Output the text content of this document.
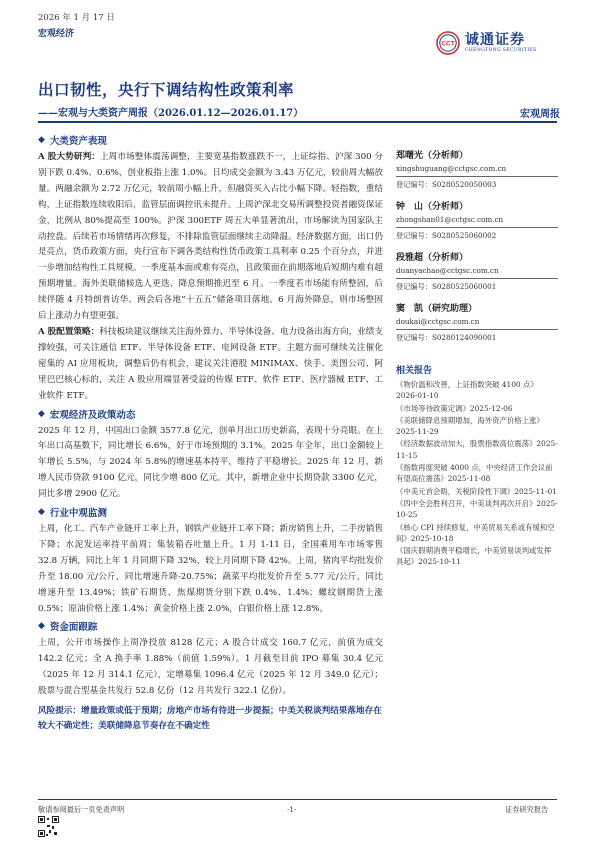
2026 年 1 月 17 日
宏观经济
CCT 诚通证券
CHENGTONG SECURITIES
出口韧性，央行下调结构性政策利率
——宏观与大类资产周报（2026.01.12—2026.01.17）	宏观周报
◆ 大类资产表现

A 股大势研判：上周市场整体震荡调整，主要宽基指数涨跌不一，上证综指、沪深 300 分别下跌 0.4%、0.6%，创业板指上涨 1.0%。日均成交金额为 3.43 万亿元，较前周大幅放量。两融余额为 2.72 万亿元，较前周小幅上升，但融资买入占比小幅下降。轻指数，重结构，上证指数连续收阳后，监管层面调控讯未提升。上周沪深北交易所调整投资者融资保证金，比例从 80%提高至 100%。沪深 300ETF 周五大单显著流出，市场解读为国家队主动控盘。后续若市场情绪再次修复，不排除监管层面继续主动降温。经济数据方面，出口仍是亮点，货币政策方面，央行宣布下调各类结构性货币政策工具利率 0.25 个百分点，并进一步增加结构性工具规模。一季度基本面或难有亮点，且政策面在前期落地后短期内难有超预期增量。海外美联储候选人更迭、降息预期推迟至 6 月。一季度若市场能有所整固，后续伴随 4 月特朗普访华、两会后各地“十五五”储备项目落地、6 月海外降息，则市场整固后上涨动力有望更强。

A 股配置策略：科技板块建议继续关注海外算力、半导体设备、电力设备出海方向，业绩支撑较强，可关注通信 ETF、半导体设备 ETF、电网设备 ETF。主题方面可继续关注催化密集的 AI 应用板块，调整后仍有机会，建议关注港股 MINIMAX、快手、美图公司、阿里巴巴核心标的，关注 A 股应用端显著受益的传媒 ETF、软件 ETF、医疗器械 ETF、工业软件 ETF。

◆ 宏观经济及政策动态

2025 年 12 月，中国出口金额 3577.8 亿元，创单月出口历史新高，表现十分亮眼。在上年出口高基数下，同比增长 6.6%，好于市场预期的 3.1%。2025 年全年，出口金额较上年增长 5.5%，与 2024 年 5.8%的增速基本持平，维持了平稳增长。2025 年 12 月，新增人民币贷款 9100 亿元，同比少增 800 亿元。其中，新增企业中长期贷款 3300 亿元，同比多增 2900 亿元。

◆ 行业中观监测

上周，化工、汽车产业链开工率上升，钢铁产业链开工率下降；新房销售上升，二手房销售下降；水泥发运率持平前周；集装箱吞吐量上升。1 月 1-11 日，全国乘用车市场零售 32.8 万辆，同比上年 1 月同期下降 32%，较上月同期下降 42%。上周，猪肉平均批发价升至 18.00 元/公斤，同比增速升降-20.75%；蔬菜平均批发价升至 5.77 元/公斤，同比增速升至 13.49%；铁矿石期货、焦煤期货分别下跌 0.4%、1.4%；螺纹钢期货上涨 0.5%；原油价格上涨 1.4%；黄金价格上涨 2.0%，白银价格上涨 12.8%。

◆ 资金面跟踪

上周，公开市场操作上周净投放 8128 亿元；A 股合计成交 160.7 亿元，前值为成交 142.2 亿元；全 A 换手率 1.88%（前值 1.59%）。1 月截至目前 IPO 募集 30.4 亿元（2025 年 12 月 314.1 亿元），定增募集 1096.4 亿元（2025 年 12 月 349.0 亿元）；股票与混合型基金共发行 52.8 亿份（12 月共发行 322.1 亿份）。

风险提示：增量政策或低于预期；房地产市场有待进一步提振；中美关税谈判结果落地存在较大不确定性；美联储降息节奏存在不确定性

郑曙光（分析师）
xingshuguang@cctgsc.com.cn
登记编号：S0280520050003
钟　山（分析师）
zhongshan01@cctgsc.com.cn
登记编号：S0280525060002
段雅超（分析师）
duanyachao@cctgsc.com.cn
登记编号：S0280525060001
窦　凯（研究助理）
doukai@cctgsc.com.cn
登记编号：S0280124090001
相关报告
《物价温和改善，上证指数突破 4100 点》2026-01-10
《市场等待政策定调》2025-12-06
《美联储降息预期增加，海外资产价格上涨》2025-11-29
《经济数据波动加大，股票指数高位震荡》2025-11-15
《指数再度突破 4000 点，中央经济工作会议前有望高位震荡》2025-11-08
《中美元首会晤，关税阶段性下调》2025-11-01
《四中全会胜利召开，中美谈判再次开启》2025-10-25
《核心 CPI 持续修复，中美贸易关系或有缓和空间》2025-10-18
《国庆假期消费平稳增长，中美贸易谈判或发挥具起》2025-10-11
敬请参阅最后一页免责声明	-1-	证券研究报告
